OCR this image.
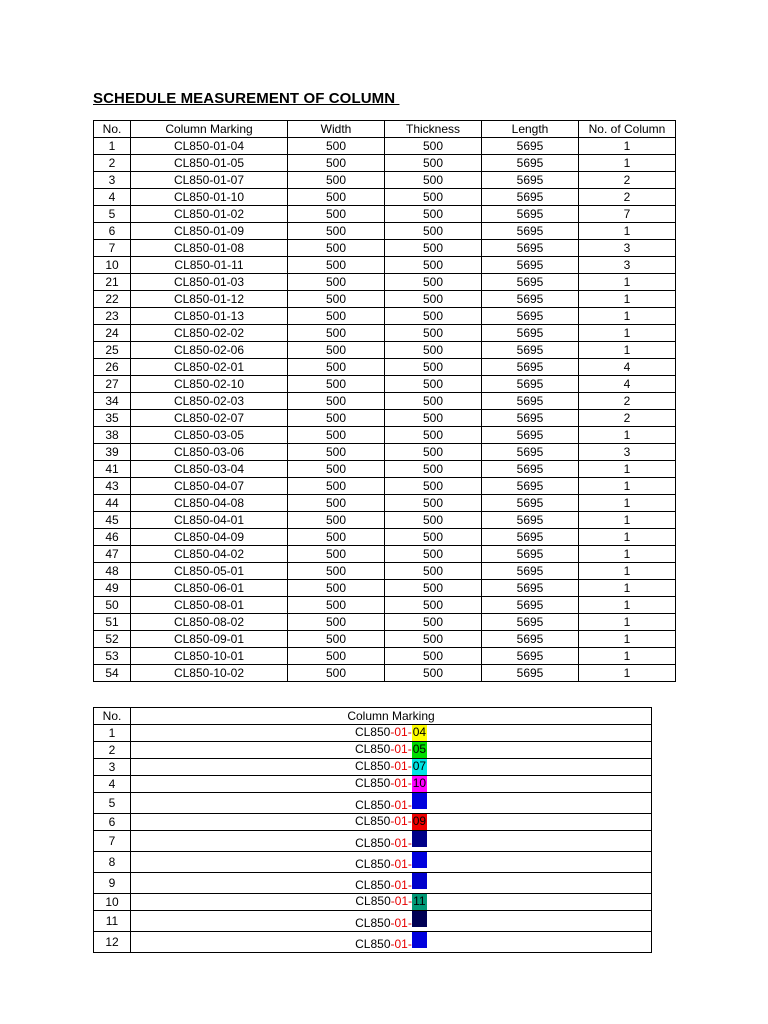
SCHEDULE MEASUREMENT OF COLUMN
No.	Column Marking	Width	Thickness	Length	No. of Column
1	CL850-01-04	500	500	5695	1
2	CL850-01-05	500	500	5695	1
3	CL850-01-07	500	500	5695	2
4	CL850-01-10	500	500	5695	2
5	CL850-01-02	500	500	5695	7
6	CL850-01-09	500	500	5695	1
7	CL850-01-08	500	500	5695	3
10	CL850-01-11	500	500	5695	3
21	CL850-01-03	500	500	5695	1
22	CL850-01-12	500	500	5695	1
23	CL850-01-13	500	500	5695	1
24	CL850-02-02	500	500	5695	1
25	CL850-02-06	500	500	5695	1
26	CL850-02-01	500	500	5695	4
27	CL850-02-10	500	500	5695	4
34	CL850-02-03	500	500	5695	2
35	CL850-02-07	500	500	5695	2
38	CL850-03-05	500	500	5695	1
39	CL850-03-06	500	500	5695	3
41	CL850-03-04	500	500	5695	1
43	CL850-04-07	500	500	5695	1
44	CL850-04-08	500	500	5695	1
45	CL850-04-01	500	500	5695	1
46	CL850-04-09	500	500	5695	1
47	CL850-04-02	500	500	5695	1
48	CL850-05-01	500	500	5695	1
49	CL850-06-01	500	500	5695	1
50	CL850-08-01	500	500	5695	1
51	CL850-08-02	500	500	5695	1
52	CL850-09-01	500	500	5695	1
53	CL850-10-01	500	500	5695	1
54	CL850-10-02	500	500	5695	1
No.	Column Marking
1	CL850-01-04
2	CL850-01-05
3	CL850-01-07
4	CL850-01-10
5	CL850-01-
6	CL850-01-09
7	CL850-01-
8	CL850-01-
9	CL850-01-
10	CL850-01-11
11	CL850-01-
12	CL850-01-
